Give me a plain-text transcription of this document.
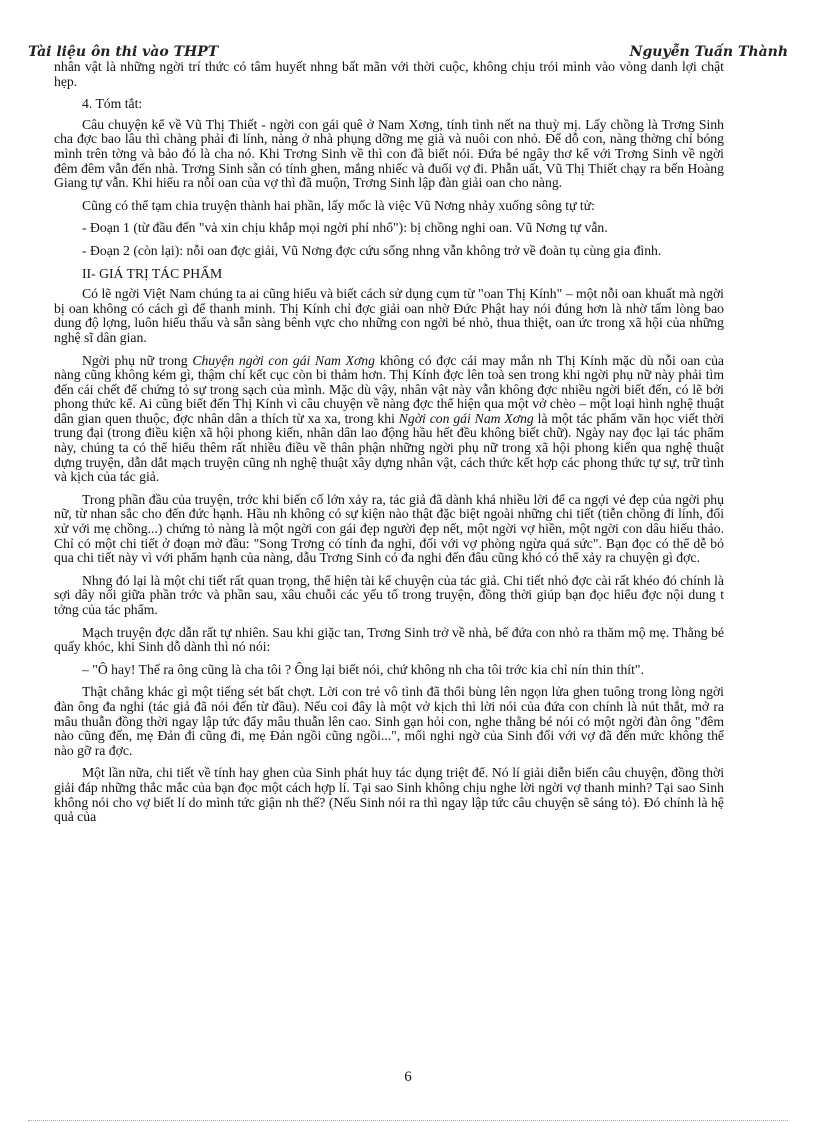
Tài liệu ôn thi vào THPT	Nguyễn Tuấn Thành

nhân vật là những ngời trí thức có tâm huyết nhng bất mãn với thời cuộc, không chịu trói mình vào vòng danh lợi chật hẹp.

4. Tóm tắt:

Câu chuyện kể về Vũ Thị Thiết - ngời con gái quê ở Nam Xơng, tính tình nết na thuỳ mị. Lấy chồng là Trơng Sinh cha đợc bao lâu thì chàng phải đi lính, nàng ở nhà phụng dỡng mẹ già và nuôi con nhỏ. Để dỗ con, nàng thờng chỉ bóng mình trên tờng và bảo đó là cha nó. Khi Trơng Sinh về thì con đã biết nói. Đứa bé ngây thơ kể với Trơng Sinh về ngời đêm đêm vẫn đến nhà. Trơng Sinh sẵn có tính ghen, mắng nhiếc và đuổi vợ đi. Phẫn uất, Vũ Thị Thiết chạy ra bến Hoàng Giang tự vẫn. Khi hiểu ra nỗi oan của vợ thì đã muộn, Trơng Sinh lập đàn giải oan cho nàng.

Cũng có thể tạm chia truyện thành hai phần, lấy mốc là việc Vũ Nơng nhảy xuống sông tự tử:

- Đoạn 1 (từ đầu đến "và xin chịu khắp mọi ngời phỉ nhổ"): bị chồng nghi oan. Vũ Nơng tự vẫn.

- Đoạn 2 (còn lại): nỗi oan đợc giải, Vũ Nơng đợc cứu sống nhng vẫn không trở về đoàn tụ cùng gia đình.

II- GIÁ TRỊ TÁC PHẨM

Có lẽ ngời Việt Nam chúng ta ai cũng hiểu và biết cách sử dụng cụm từ "oan Thị Kính" – một nỗi oan khuất mà ngời bị oan không có cách gì để thanh minh. Thị Kính chỉ đợc giải oan nhờ Đức Phật hay nói đúng hơn là nhờ tấm lòng bao dung độ lợng, luôn hiểu thấu và sẵn sàng bênh vực cho những con ngời bé nhỏ, thua thiệt, oan ức trong xã hội của những nghệ sĩ dân gian.

Ngời phụ nữ trong Chuyện ngời con gái Nam Xơng không có đợc cái may mắn nh Thị Kính mặc dù nỗi oan của nàng cũng không kém gì, thậm chí kết cục còn bi thảm hơn. Thị Kính đợc lên toà sen trong khi ngời phụ nữ này phải tìm đến cái chết để chứng tỏ sự trong sạch của mình. Mặc dù vậy, nhân vật này vẫn không đợc nhiều ngời biết đến, có lẽ bởi phong thức kể. Ai cũng biết đến Thị Kính vì câu chuyện về nàng đợc thể hiện qua một vở chèo – một loại hình nghệ thuật dân gian quen thuộc, đợc nhân dân a thích từ xa xa, trong khi Ngời con gái Nam Xơng là một tác phẩm văn học viết thời trung đại (trong điều kiện xã hội phong kiến, nhân dân lao động hầu hết đều không biết chữ). Ngày nay đọc lại tác phẩm này, chúng ta có thể hiểu thêm rất nhiều điều về thân phận những ngời phụ nữ trong xã hội phong kiến qua nghệ thuật dựng truyện, dẫn dắt mạch truyện cũng nh nghệ thuật xây dựng nhân vật, cách thức kết hợp các phong thức tự sự, trữ tình và kịch của tác giả.

Trong phần đầu của truyện, trớc khi biến cố lớn xảy ra, tác giả đã dành khá nhiều lời để ca ngợi vẻ đẹp của ngời phụ nữ, từ nhan sắc cho đến đức hạnh. Hầu nh không có sự kiện nào thật đặc biệt ngoài những chi tiết (tiễn chồng đi lính, đối xử với mẹ chồng...) chứng tỏ nàng là một ngời con gái đẹp người đẹp nết, một ngời vợ hiền, một ngời con dâu hiếu thảo. Chỉ có một chi tiết ở đoạn mở đầu: "Song Trơng có tính đa nghi, đối với vợ phòng ngừa quá sức". Bạn đọc có thể dễ bỏ qua chi tiết này vì với phẩm hạnh của nàng, dẫu Trơng Sinh có đa nghi đến đâu cũng khó có thể xảy ra chuyện gì đợc.

Nhng đó lại là một chi tiết rất quan trọng, thể hiện tài kể chuyện của tác giả. Chi tiết nhỏ đợc cài rất khéo đó chính là sợi dây nối giữa phần trớc và phần sau, xâu chuỗi các yếu tố trong truyện, đồng thời giúp bạn đọc hiểu đợc nội dung t tởng của tác phẩm.

Mạch truyện đợc dẫn rất tự nhiên. Sau khi giặc tan, Trơng Sinh trở về nhà, bế đứa con nhỏ ra thăm mộ mẹ. Thằng bé quấy khóc, khi Sinh dỗ dành thì nó nói:

– "Ô hay! Thế ra ông cũng là cha tôi ? Ông lại biết nói, chứ không nh cha tôi trớc kia chỉ nín thin thít".

Thật chẳng khác gì một tiếng sét bất chợt. Lời con trẻ vô tình đã thổi bùng lên ngọn lửa ghen tuông trong lòng ngời đàn ông đa nghi (tác giả đã nói đến từ đầu). Nếu coi đây là một vở kịch thì lời nói của đứa con chính là nút thắt, mở ra mâu thuẫn đồng thời ngay lập tức đẩy mâu thuẫn lên cao. Sinh gạn hỏi con, nghe thằng bé nói có một ngời đàn ông "đêm nào cũng đến, mẹ Đản đi cũng đi, mẹ Đản ngồi cũng ngồi...", mối nghi ngờ của Sinh đối với vợ đã đến mức không thể nào gỡ ra đợc.

Một lần nữa, chi tiết về tính hay ghen của Sinh phát huy tác dụng triệt để. Nó lí giải diễn biến câu chuyện, đồng thời giải đáp những thắc mắc của bạn đọc một cách hợp lí. Tại sao Sinh không chịu nghe lời ngời vợ thanh minh? Tại sao Sinh không nói cho vợ biết lí do mình tức giận nh thế? (Nếu Sinh nói ra thì ngay lập tức câu chuyện sẽ sáng tỏ). Đó chính là hệ quả của

6
